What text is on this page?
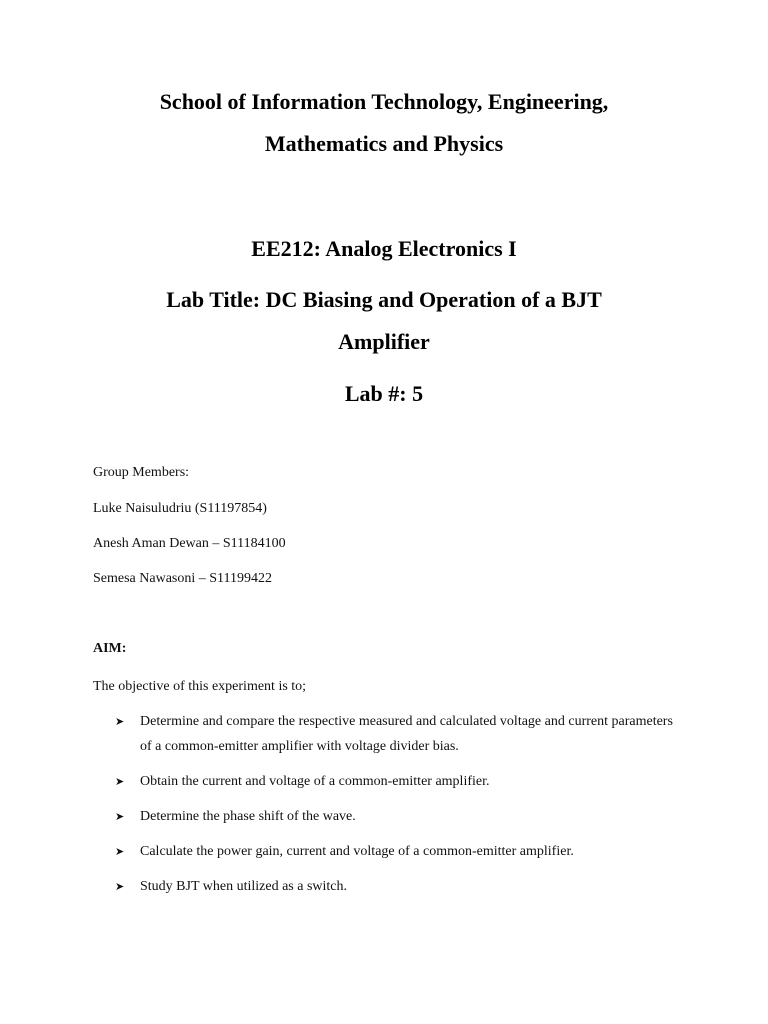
School of Information Technology, Engineering,
Mathematics and Physics
EE212: Analog Electronics I
Lab Title: DC Biasing and Operation of a BJT
Amplifier
Lab #: 5

Group Members:

Luke Naisuludriu (S11197854)

Anesh Aman Dewan – S11184100

Semesa Nawasoni – S11199422

AIM:

The objective of this experiment is to;

➤	Determine and compare the respective measured and calculated voltage and current parameters of a common-emitter amplifier with voltage divider bias.
➤	Obtain the current and voltage of a common-emitter amplifier.
➤	Determine the phase shift of the wave.
➤	Calculate the power gain, current and voltage of a common-emitter amplifier.
➤	Study BJT when utilized as a switch.
